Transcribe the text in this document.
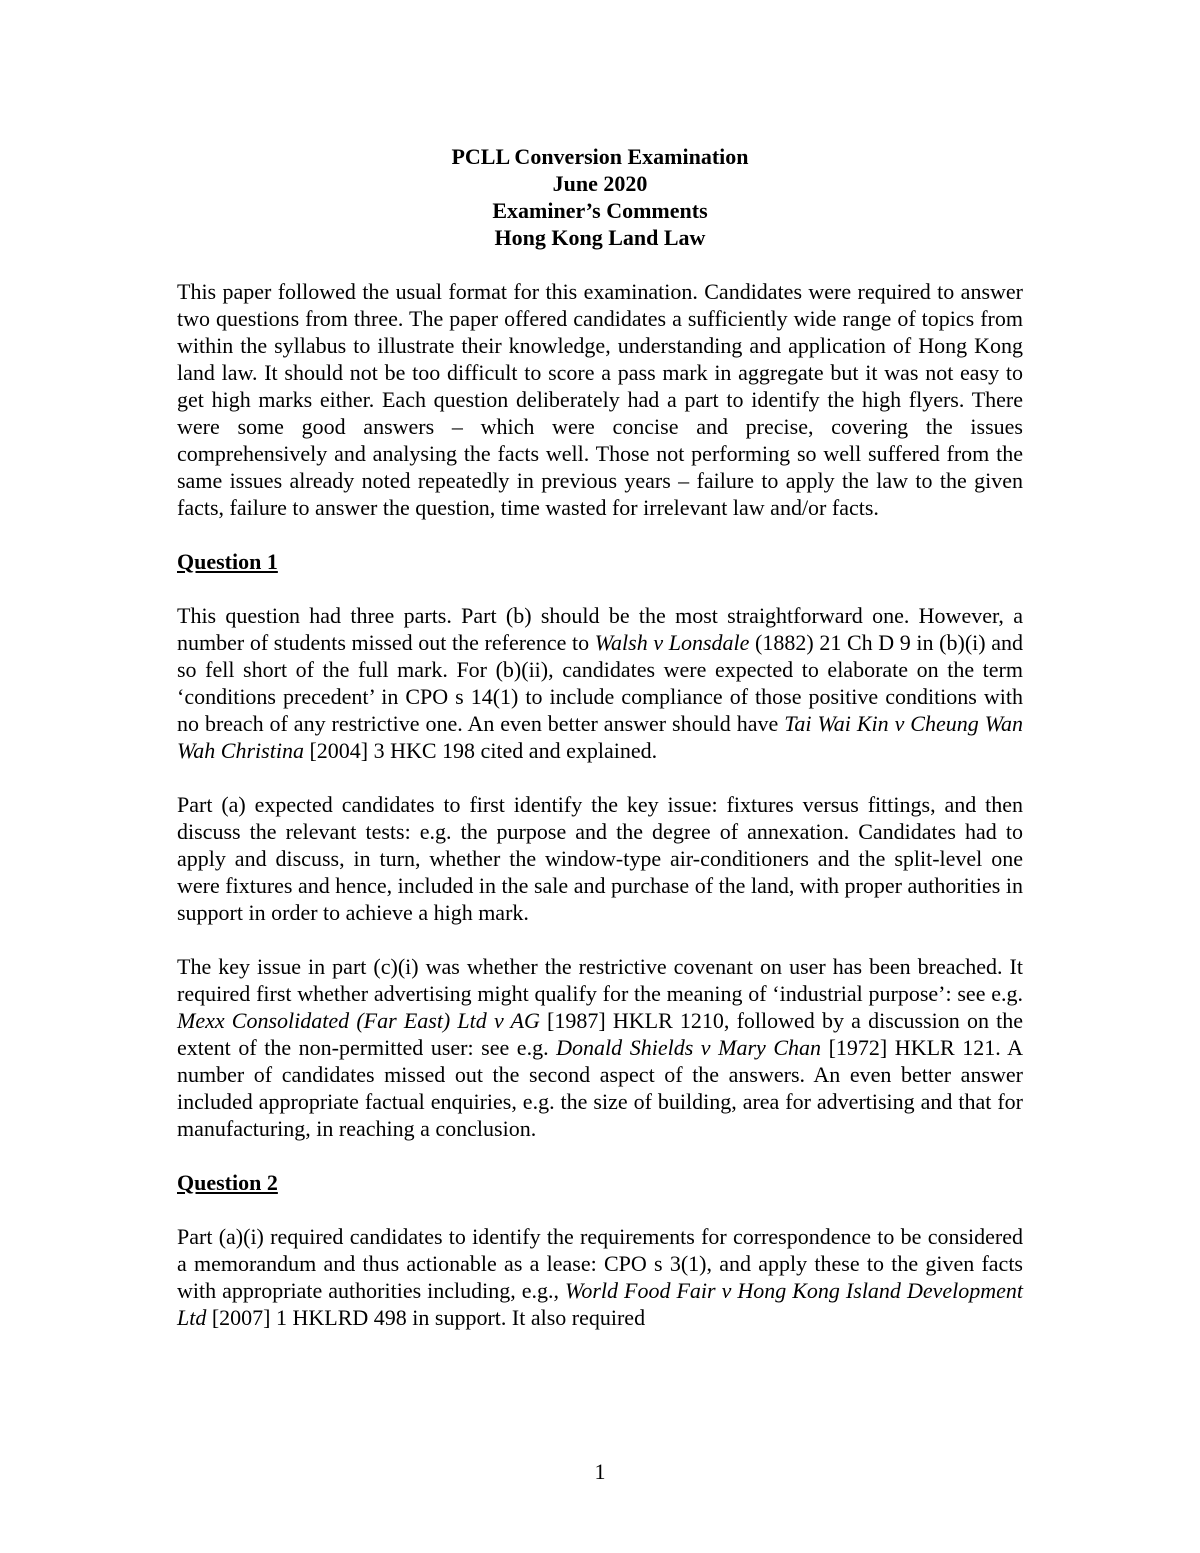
PCLL Conversion Examination
June 2020
Examiner’s Comments
Hong Kong Land Law

This paper followed the usual format for this examination. Candidates were required to answer two questions from three. The paper offered candidates a sufficiently wide range of topics from within the syllabus to illustrate their knowledge, understanding and application of Hong Kong land law. It should not be too difficult to score a pass mark in aggregate but it was not easy to get high marks either. Each question deliberately had a part to identify the high flyers. There were some good answers – which were concise and precise, covering the issues comprehensively and analysing the facts well. Those not performing so well suffered from the same issues already noted repeatedly in previous years – failure to apply the law to the given facts, failure to answer the question, time wasted for irrelevant law and/or facts.

Question 1

This question had three parts. Part (b) should be the most straightforward one. However, a number of students missed out the reference to Walsh v Lonsdale (1882) 21 Ch D 9 in (b)(i) and so fell short of the full mark. For (b)(ii), candidates were expected to elaborate on the term ‘conditions precedent’ in CPO s 14(1) to include compliance of those positive conditions with no breach of any restrictive one. An even better answer should have Tai Wai Kin v Cheung Wan Wah Christina [2004] 3 HKC 198 cited and explained.

Part (a) expected candidates to first identify the key issue: fixtures versus fittings, and then discuss the relevant tests: e.g. the purpose and the degree of annexation. Candidates had to apply and discuss, in turn, whether the window-type air-conditioners and the split-level one were fixtures and hence, included in the sale and purchase of the land, with proper authorities in support in order to achieve a high mark.

The key issue in part (c)(i) was whether the restrictive covenant on user has been breached. It required first whether advertising might qualify for the meaning of ‘industrial purpose’: see e.g. Mexx Consolidated (Far East) Ltd v AG [1987] HKLR 1210, followed by a discussion on the extent of the non-permitted user: see e.g. Donald Shields v Mary Chan [1972] HKLR 121. A number of candidates missed out the second aspect of the answers. An even better answer included appropriate factual enquiries, e.g. the size of building, area for advertising and that for manufacturing, in reaching a conclusion.

Question 2

Part (a)(i) required candidates to identify the requirements for correspondence to be considered a memorandum and thus actionable as a lease: CPO s 3(1), and apply these to the given facts with appropriate authorities including, e.g., World Food Fair v Hong Kong Island Development Ltd [2007] 1 HKLRD 498 in support. It also required

1
